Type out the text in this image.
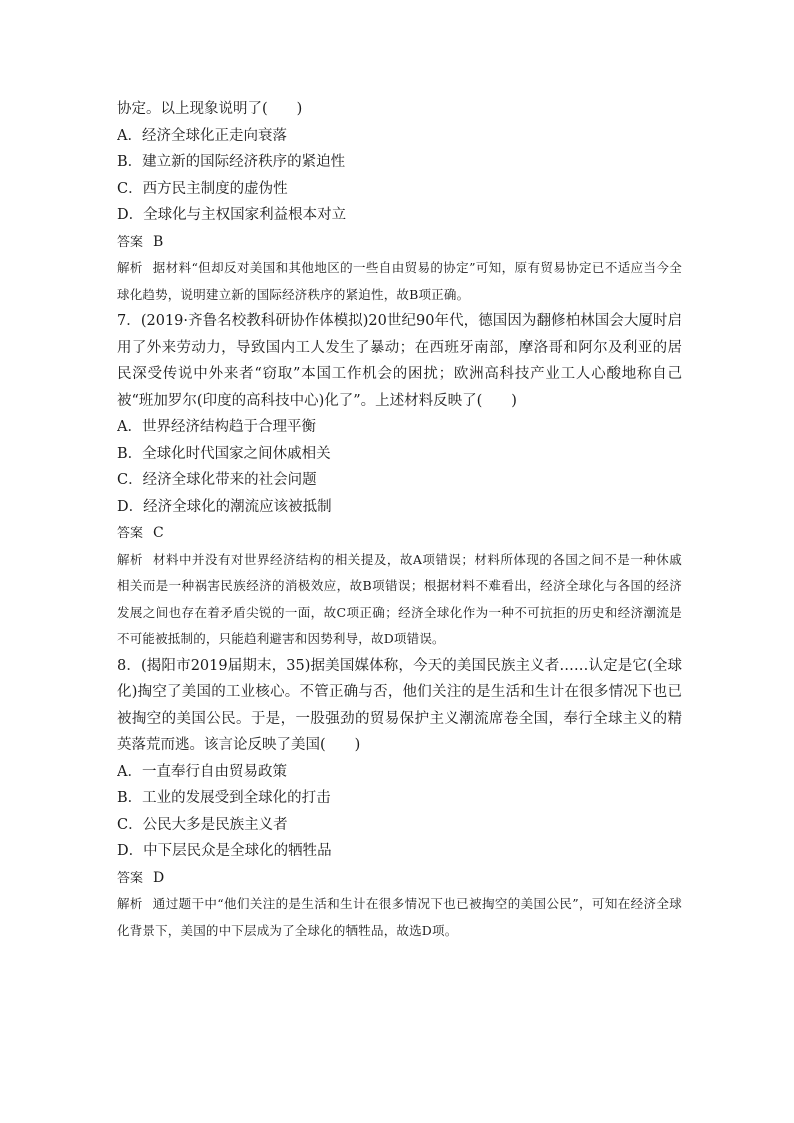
协定。以上现象说明了(　　)
A．经济全球化正走向衰落
B．建立新的国际经济秩序的紧迫性
C．西方民主制度的虚伪性
D．全球化与主权国家利益根本对立
答案 B
解析 据材料“但却反对美国和其他地区的一些自由贸易的协定”可知，原有贸易协定已不适应当今全球化趋势，说明建立新的国际经济秩序的紧迫性，故B项正确。
7．(2019·齐鲁名校教科研协作体模拟)20世纪90年代，德国因为翻修柏林国会大厦时启用了外来劳动力，导致国内工人发生了暴动；在西班牙南部，摩洛哥和阿尔及利亚的居民深受传说中外来者“窃取”本国工作机会的困扰；欧洲高科技产业工人心酸地称自己被“班加罗尔(印度的高科技中心)化了”。上述材料反映了(　　)
A．世界经济结构趋于合理平衡
B．全球化时代国家之间休戚相关
C．经济全球化带来的社会问题
D．经济全球化的潮流应该被抵制
答案 C
解析 材料中并没有对世界经济结构的相关提及，故A项错误；材料所体现的各国之间不是一种休戚相关而是一种祸害民族经济的消极效应，故B项错误；根据材料不难看出，经济全球化与各国的经济发展之间也存在着矛盾尖锐的一面，故C项正确；经济全球化作为一种不可抗拒的历史和经济潮流是不可能被抵制的，只能趋利避害和因势利导，故D项错误。
8．(揭阳市2019届期末，35)据美国媒体称，今天的美国民族主义者……认定是它(全球化)掏空了美国的工业核心。不管正确与否，他们关注的是生活和生计在很多情况下也已被掏空的美国公民。于是，一股强劲的贸易保护主义潮流席卷全国，奉行全球主义的精英落荒而逃。该言论反映了美国(　　)
A．一直奉行自由贸易政策
B．工业的发展受到全球化的打击
C．公民大多是民族主义者
D．中下层民众是全球化的牺牲品
答案 D
解析 通过题干中“他们关注的是生活和生计在很多情况下也已被掏空的美国公民”，可知在经济全球化背景下，美国的中下层成为了全球化的牺牲品，故选D项。
